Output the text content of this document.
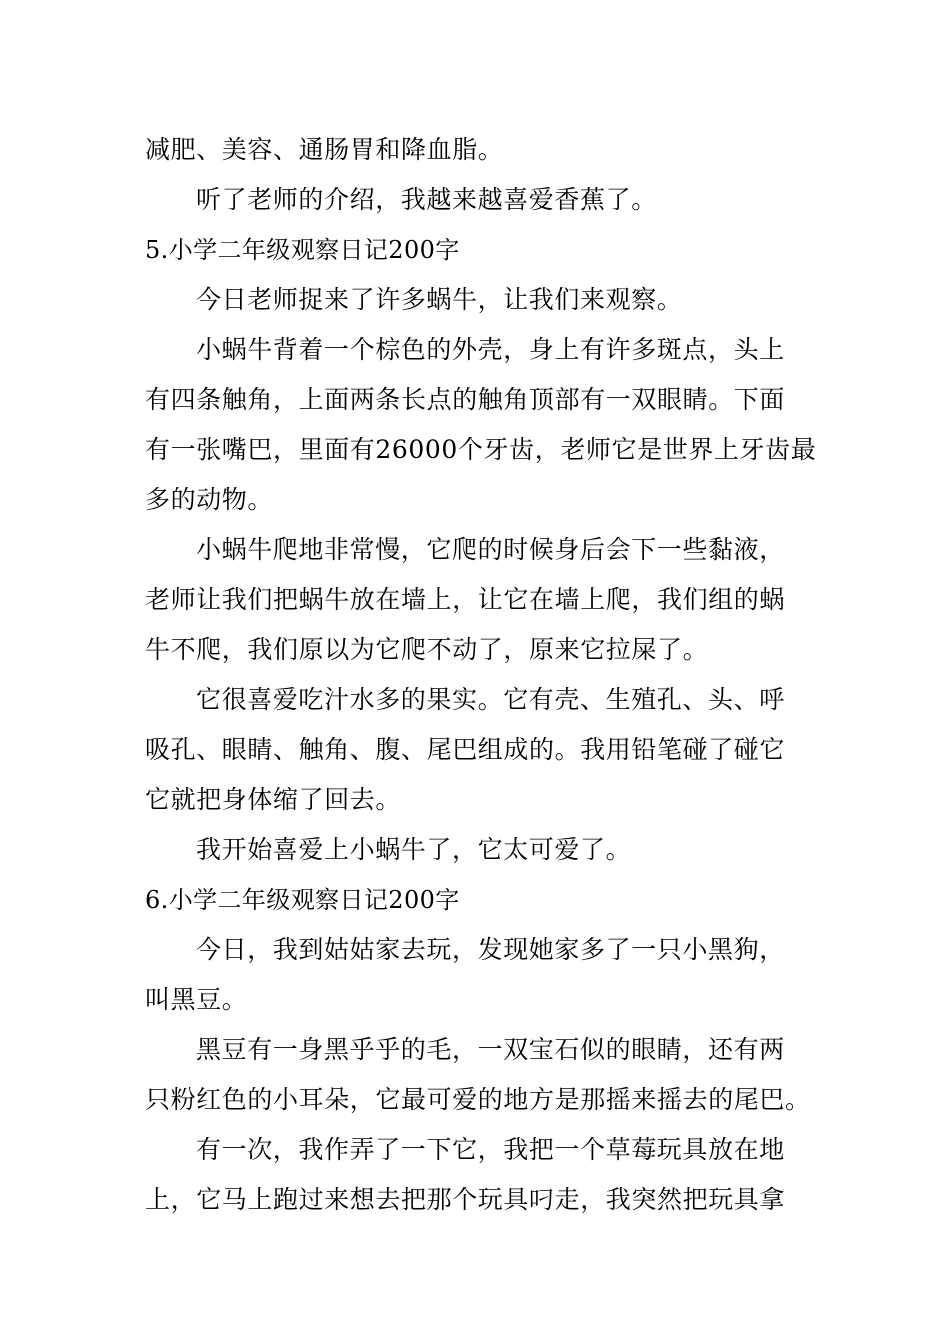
减肥、美容、通肠胃和降血脂。
听了老师的介绍，我越来越喜爱香蕉了。
5.小学二年级观察日记200字
今日老师捉来了许多蜗牛，让我们来观察。
小蜗牛背着一个棕色的外壳，身上有许多斑点，头上
有四条触角，上面两条长点的触角顶部有一双眼睛。下面
有一张嘴巴，里面有26000个牙齿，老师它是世界上牙齿最
多的动物。
小蜗牛爬地非常慢，它爬的时候身后会下一些黏液，
老师让我们把蜗牛放在墙上，让它在墙上爬，我们组的蜗
牛不爬，我们原以为它爬不动了，原来它拉屎了。
它很喜爱吃汁水多的果实。它有壳、生殖孔、头、呼
吸孔、眼睛、触角、腹、尾巴组成的。我用铅笔碰了碰它
它就把身体缩了回去。
我开始喜爱上小蜗牛了，它太可爱了。
6.小学二年级观察日记200字
今日，我到姑姑家去玩，发现她家多了一只小黑狗，
叫黑豆。
黑豆有一身黑乎乎的毛，一双宝石似的眼睛，还有两
只粉红色的小耳朵，它最可爱的地方是那摇来摇去的尾巴。
有一次，我作弄了一下它，我把一个草莓玩具放在地
上，它马上跑过来想去把那个玩具叼走，我突然把玩具拿
